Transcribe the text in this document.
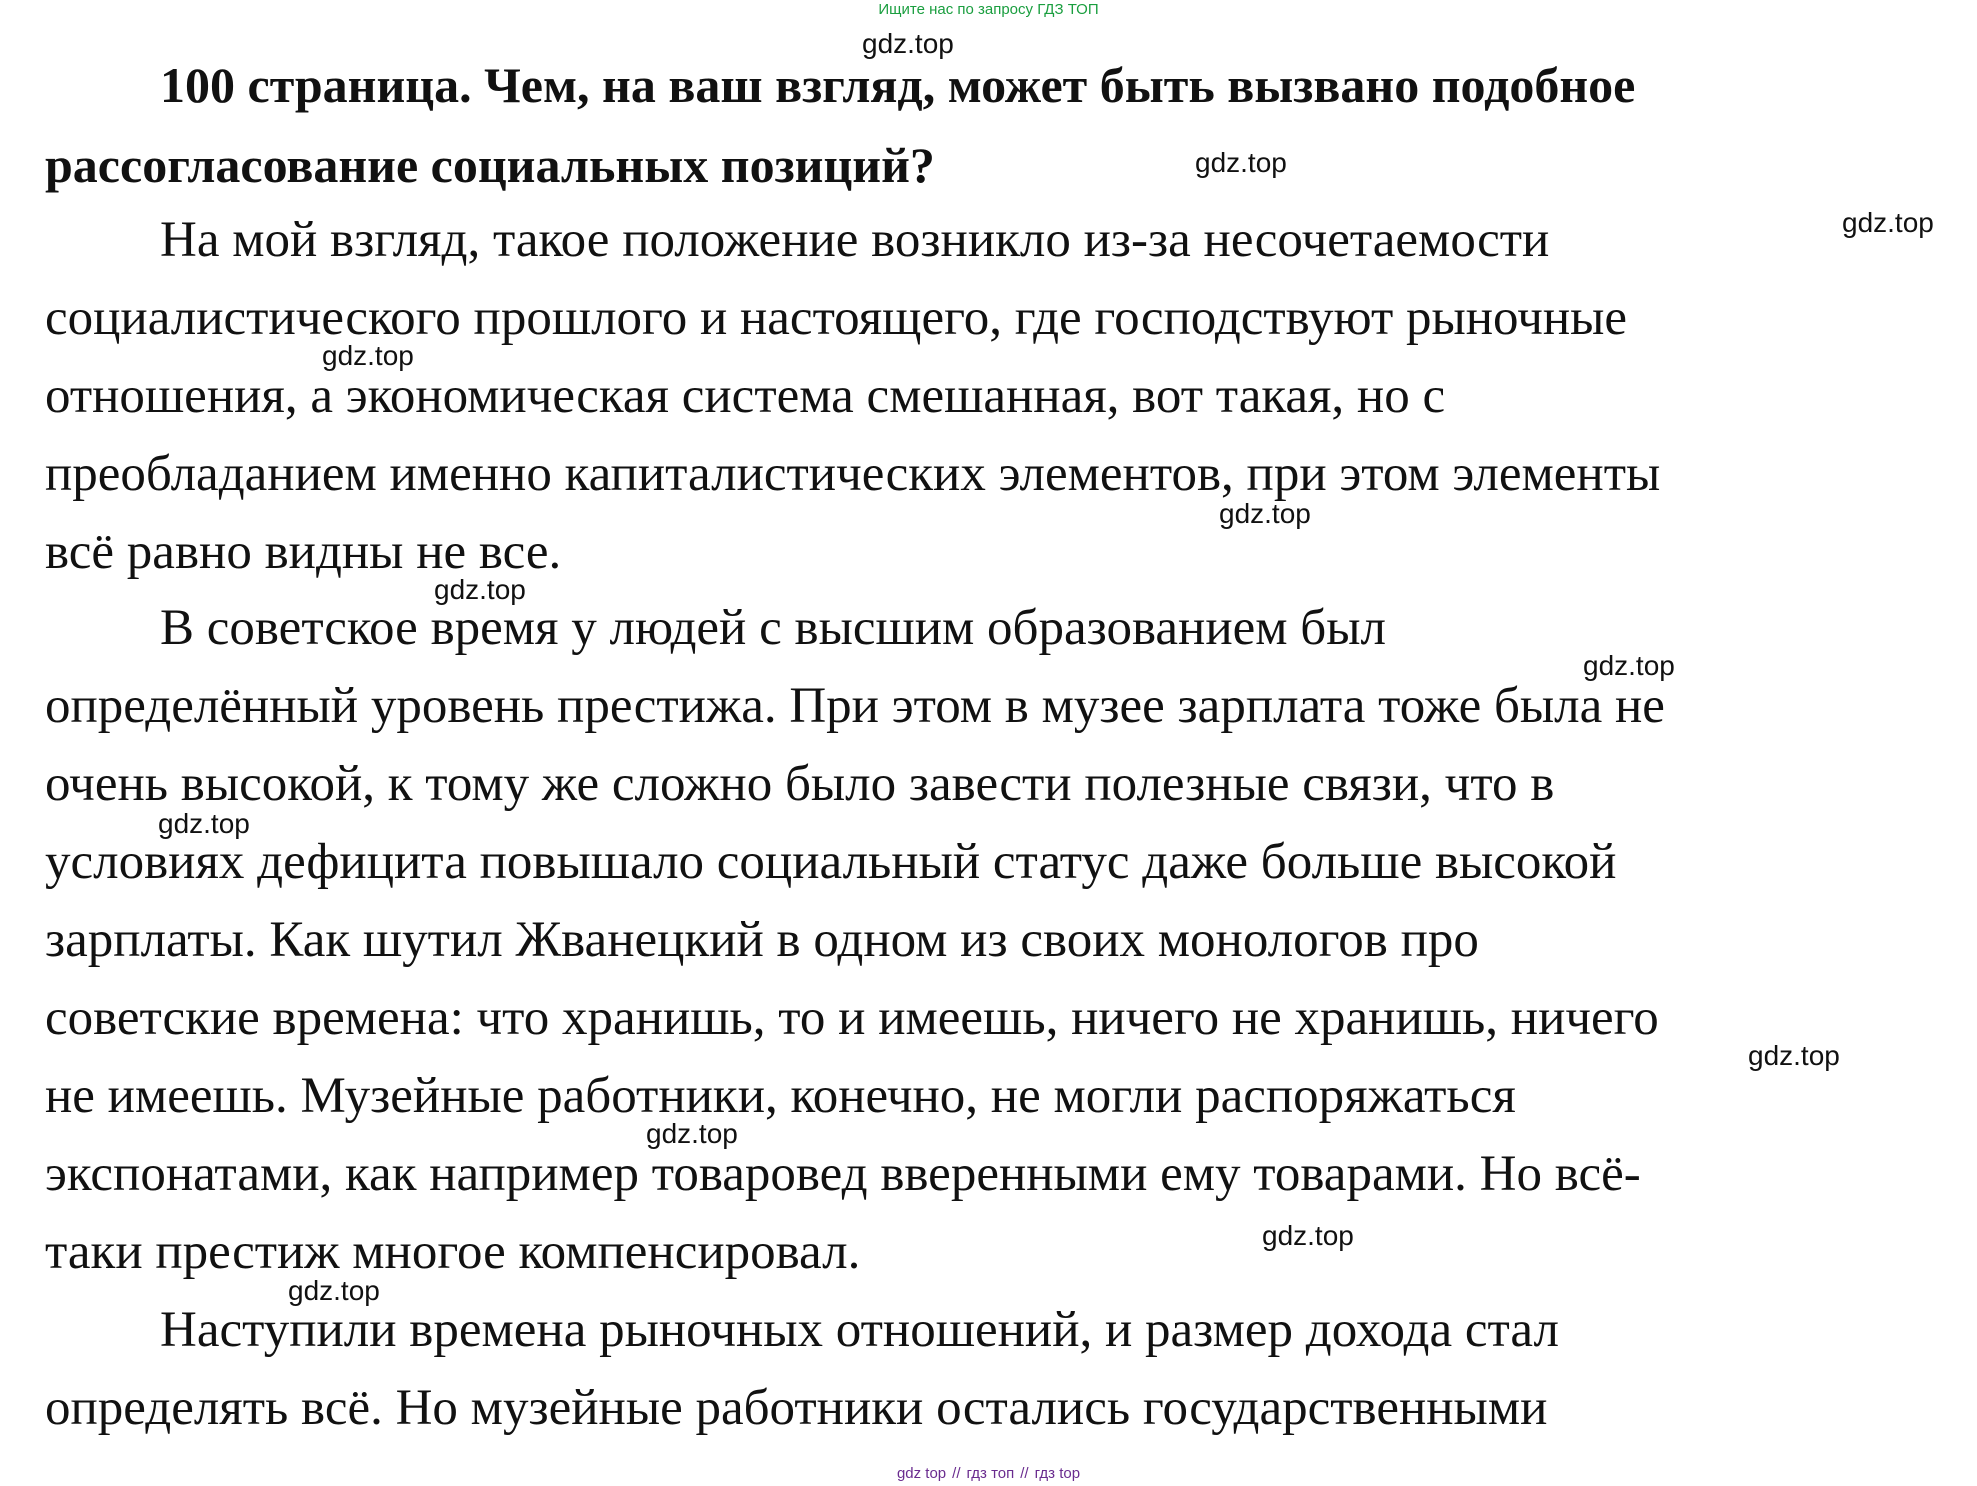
Ищите нас по запросу ГДЗ ТОП
100 страница. Чем, на ваш взгляд, может быть вызвано подобное
рассогласование социальных позиций?
На мой взгляд, такое положение возникло из-за несочетаемости
социалистического прошлого и настоящего, где господствуют рыночные
отношения, а экономическая система смешанная, вот такая, но с
преобладанием именно капиталистических элементов, при этом элементы
всё равно видны не все.
В советское время у людей с высшим образованием был
определённый уровень престижа. При этом в музее зарплата тоже была не
очень высокой, к тому же сложно было завести полезные связи, что в
условиях дефицита повышало социальный статус даже больше высокой
зарплаты. Как шутил Жванецкий в одном из своих монологов про
советские времена: что хранишь, то и имеешь, ничего не хранишь, ничего
не имеешь. Музейные работники, конечно, не могли распоряжаться
экспонатами, как например товаровед вверенными ему товарами. Но всё-
таки престиж многое компенсировал.
Наступили времена рыночных отношений, и размер дохода стал
определять всё. Но музейные работники остались государственными
gdz.top
gdz.top
gdz.top
gdz.top
gdz.top
gdz.top
gdz.top
gdz.top
gdz.top
gdz.top
gdz.top
gdz.top
gdz top // гдз топ // гдз top
